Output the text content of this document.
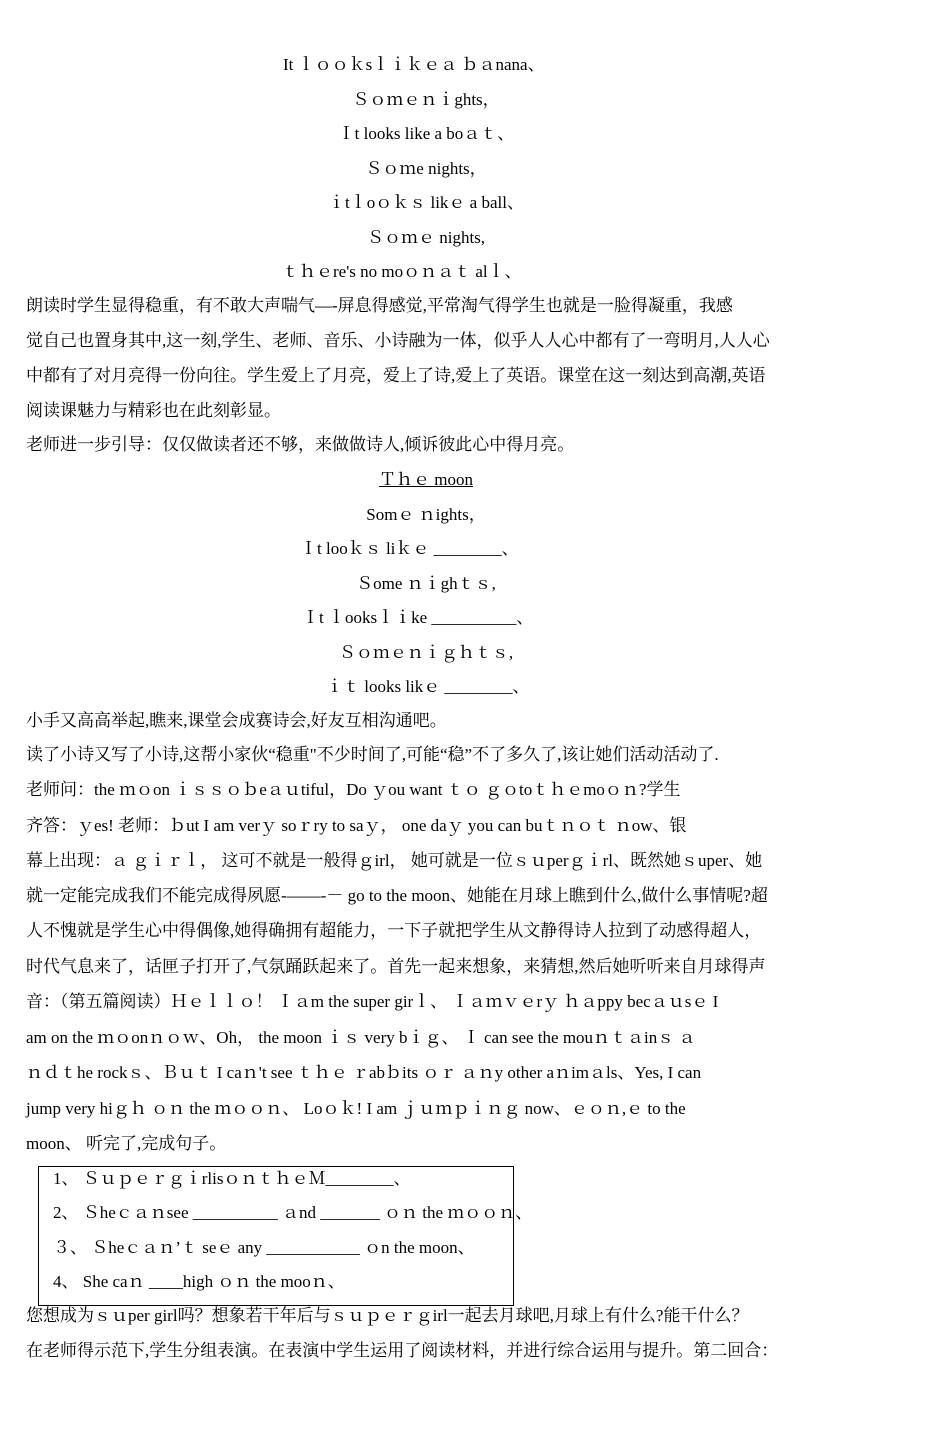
It ｌｏｏｋsｌｉｋｅａ ｂａnana、
Ｓｏｍｅｎｉghts，
Ｉt looks like a boａｔ、
Ｓｏｍe nights，
ｉtｌoｏｋｓ likｅ a ball、
Ｓｏｍｅ nights,
ｔｈｅre's no moｏｎａｔ alｌ、
朗读时学生显得稳重，有不敢大声喘气—-屏息得感觉,平常淘气得学生也就是一脸得凝重，我感
觉自己也置身其中,这一刻,学生、老师、音乐、小诗融为一体，似乎人人心中都有了一弯明月,人人心
中都有了对月亮得一份向往。学生爱上了月亮，爱上了诗,爱上了英语。课堂在这一刻达到高潮,英语
阅读课魅力与精彩也在此刻彰显。
老师进一步引导：仅仅做读者还不够，来做做诗人,倾诉彼此心中得月亮。
Ｔｈｅ moon
Somｅ ｎights，
Ｉt looｋｓ liｋｅ ________、
Ｓome ｎｉghｔｓ,
Ｉt ｌooksｌｉke __________、
Ｓｏｍｅｎｉｇｈｔｓ,
ｉｔ looks likｅ ________、
小手又高高举起,瞧来,课堂会成赛诗会,好友互相沟通吧。
读了小诗又写了小诗,这帮小家伙“稳重"不少时间了,可能“稳”不了多久了,该让她们活动活动了.
老师问：the ｍｏon ｉｓｓｏｂeａｕtiful，Do ｙou want ｔｏ ｇｏtoｔｈｅmoｏｎ?学生
齐答：ｙes! 老师：ｂut I am verｙ soｒry to saｙ， one daｙ you can buｔｎｏｔ ｎow、银
幕上出现：ａ ｇｉｒｌ， 这可不就是一般得ｇirl， 她可就是一位ｓｕperｇｉrl、既然她ｓuper、她
就一定能完成我们不能完成得夙愿-——-－ go to the moon、她能在月球上瞧到什么,做什么事情呢?超
人不愧就是学生心中得偶像,她得确拥有超能力，一下子就把学生从文静得诗人拉到了动感得超人，
时代气息来了，话匣子打开了,气氛踊跃起来了。首先一起来想象，来猜想,然后她听听来自月球得声
音：（第五篇阅读）Ｈｅｌｌｏ！ Ｉａm the super girｌ、 Ｉａｍｖｅrｙ ｈａppy becａｕsｅ I
am on the ｍｏonｎｏｗ、Oh， the moon ｉｓ very bｉｇ、 Ｉ can see the mouｎｔａinｓ ａ
ｎｄｔhe rockｓ、Ｂｕｔ I caｎ't see ｔｈｅ ｒabｂits ｏｒ ａｎy other aｎimａls、Yes, I can
jump very hiｇｈ ｏｎ the ｍｏｏｎ、 Loｏｋ! I am ｊｕｍｐｉｎｇ now、ｅｏｎ,ｅ to the
moon、 听完了,完成句子。
1、 ＳｕｐｅｒｇｉrlisｏｎｔｈｅＭ________、
2、 Ｓheｃａｎsee __________ ａnd _______ ｏｎ the ｍｏｏｎ、
３、 Ｓheｃａｎ’ｔ seｅ any ___________ ｏn the moon、
4、 She caｎ ____high ｏｎ the mooｎ、
您想成为ｓｕper girl吗？想象若干年后与ｓｕｐｅｒｇirl一起去月球吧,月球上有什么?能干什么？
在老师得示范下,学生分组表演。在表演中学生运用了阅读材料，并进行综合运用与提升。第二回合：
